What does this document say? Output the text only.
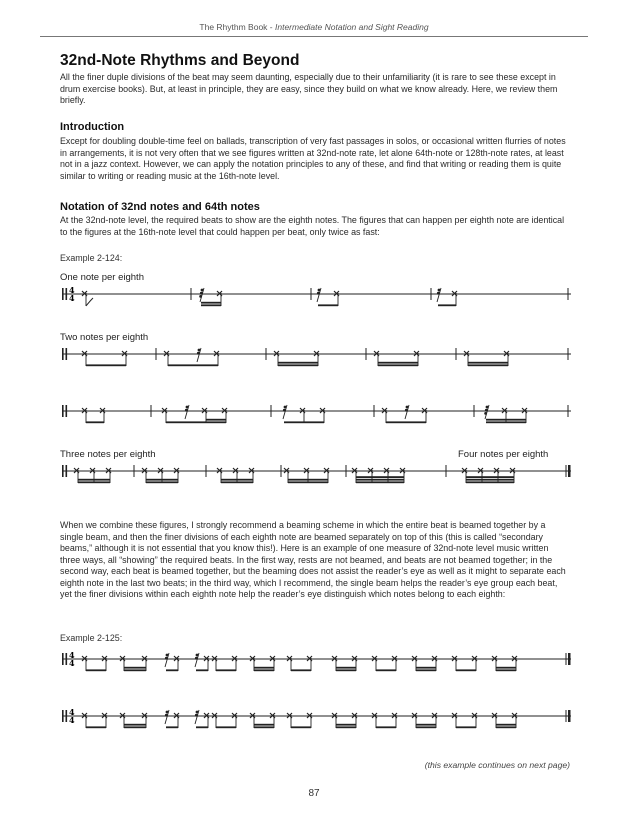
The Rhythm Book - Intermediate Notation and Sight Reading
32nd-Note Rhythms and Beyond

All the finer duple divisions of the beat may seem daunting, especially due to their unfamiliarity (it is rare to see these except in drum exercise books). But, at least in principle, they are easy, since they build on what we know already. Here, we review them briefly.

Introduction

Except for doubling double-time feel on ballads, transcription of very fast passages in solos, or occasional written flurries of notes in arrangements, it is not very often that we see figures written at 32nd-note rate, let alone 64th-note or 128th-note rates, at least not in a jazz context. However, we can apply the notation principles to any of these, and find that writing or reading them is quite similar to writing or reading music at the 16th-note level.

Notation of 32nd notes and 64th notes

At the 32nd-note level, the required beats to show are the eighth notes. The figures that can happen per eighth note are identical to the figures at the 16th-note level that could happen per beat, only twice as fast:

Example 2-124:
One note per eighth
Two notes per eighth
Three notes per eighth	Four notes per eighth
4
4

When we combine these figures, I strongly recommend a beaming scheme in which the entire beat is beamed together by a single beam, and then the finer divisions of each eighth note are beamed separately on top of this (this is called “secondary beams,” although it is not essential that you know this!). Here is an example of one measure of 32nd-note level music written three ways, all “showing” the required beats. In the first way, rests are not beamed, and beats are not beamed together; in the second way, each beat is beamed together, but the beaming does not assist the reader’s eye as well as it might to separate each eighth note in the last two beats; in the third way, which I recommend, the single beam helps the reader’s eye group each beat, yet the finer divisions within each eighth note help the reader’s eye distinguish which notes belong to each eighth:

Example 2-125:
4
4
4
4
(this example continues on next page)
87
